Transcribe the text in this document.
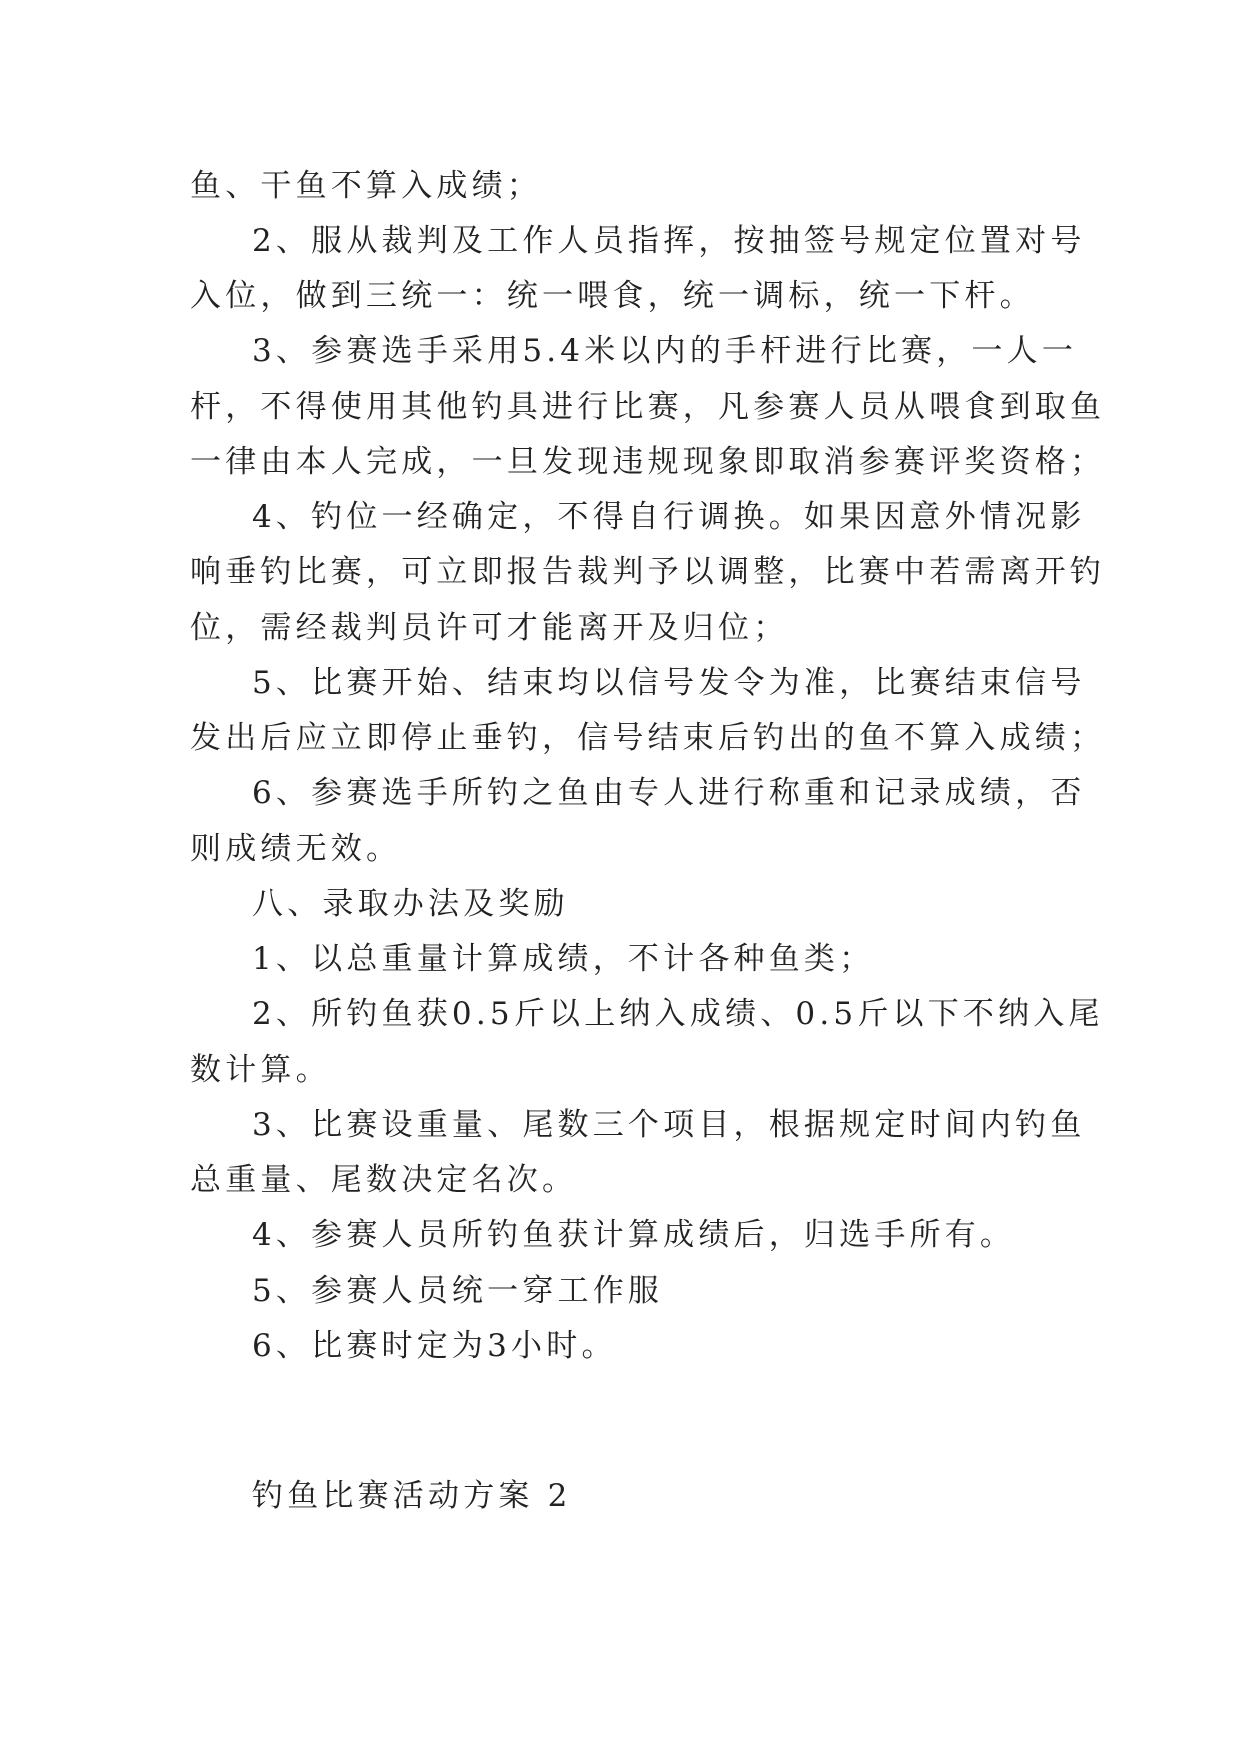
鱼、干鱼不算入成绩；

2、服从裁判及工作人员指挥，按抽签号规定位置对号

入位，做到三统一：统一喂食，统一调标，统一下杆。

3、参赛选手采用5.4米以内的手杆进行比赛，一人一

杆，不得使用其他钓具进行比赛，凡参赛人员从喂食到取鱼

一律由本人完成，一旦发现违规现象即取消参赛评奖资格；

4、钓位一经确定，不得自行调换。如果因意外情况影

响垂钓比赛，可立即报告裁判予以调整，比赛中若需离开钓

位，需经裁判员许可才能离开及归位；

5、比赛开始、结束均以信号发令为准，比赛结束信号

发出后应立即停止垂钓，信号结束后钓出的鱼不算入成绩；

6、参赛选手所钓之鱼由专人进行称重和记录成绩，否

则成绩无效。

八、录取办法及奖励

1、以总重量计算成绩，不计各种鱼类；

2、所钓鱼获0.5斤以上纳入成绩、0.5斤以下不纳入尾

数计算。

3、比赛设重量、尾数三个项目，根据规定时间内钓鱼

总重量、尾数决定名次。

4、参赛人员所钓鱼获计算成绩后，归选手所有。

5、参赛人员统一穿工作服

6、比赛时定为3小时。

钓鱼比赛活动方案 2
